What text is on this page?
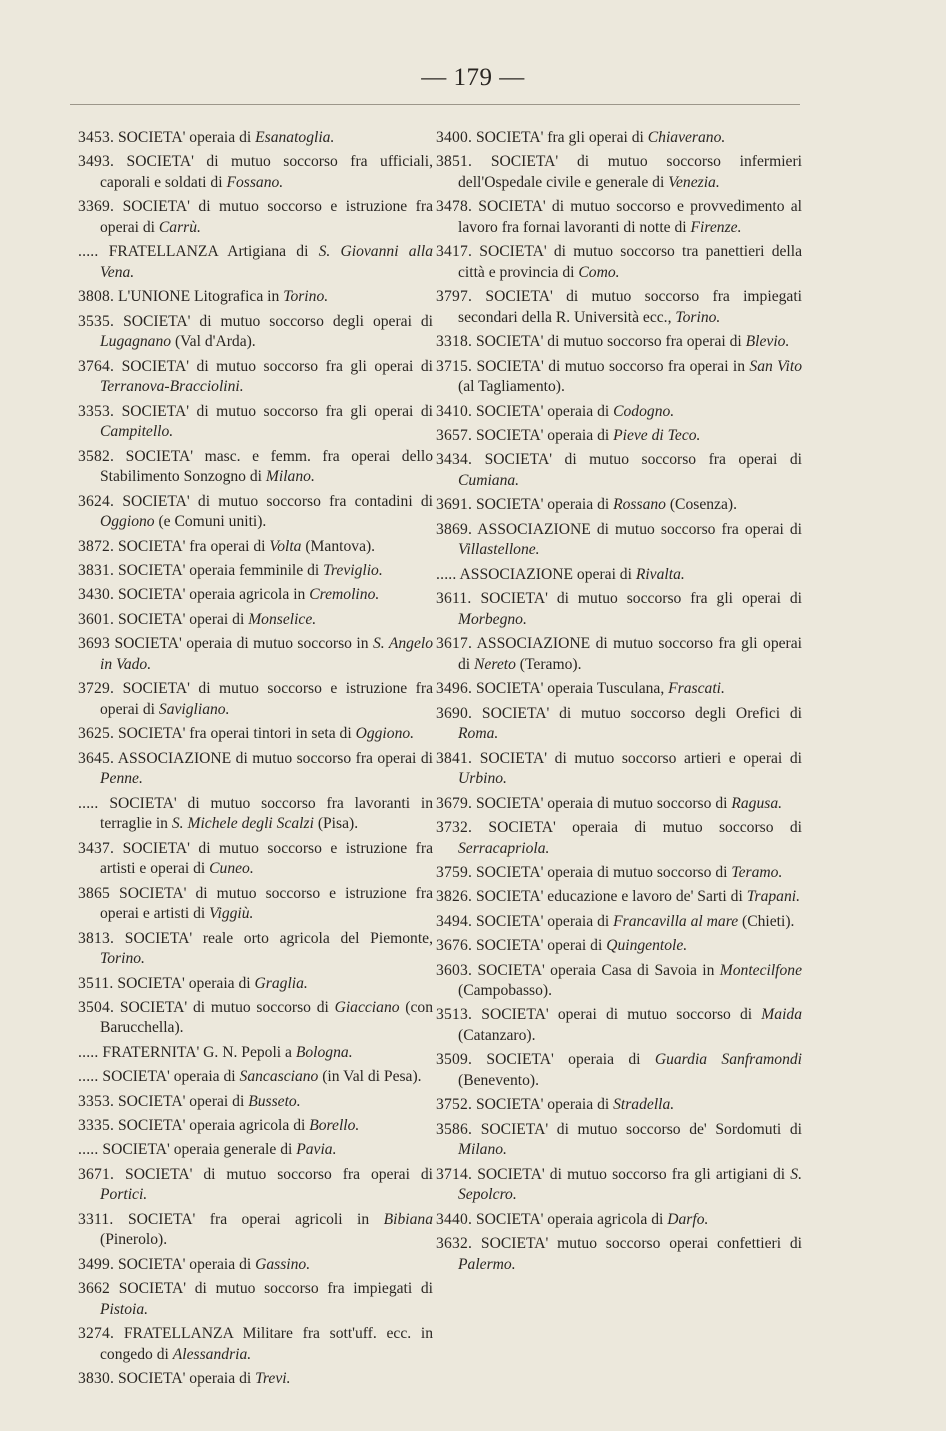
— 179 —

3453. SOCIETA' operaia di Esanatoglia.

3493. SOCIETA' di mutuo soccorso fra ufficiali, caporali e soldati di Fossano.

3369. SOCIETA' di mutuo soccorso e istruzione fra operai di Carrù.

..... FRATELLANZA Artigiana di S. Giovanni alla Vena.

3808. L'UNIONE Litografica in Torino.

3535. SOCIETA' di mutuo soccorso degli operai di Lugagnano (Val d'Arda).

3764. SOCIETA' di mutuo soccorso fra gli operai di Terranova-Bracciolini.

3353. SOCIETA' di mutuo soccorso fra gli operai di Campitello.

3582. SOCIETA' masc. e femm. fra operai dello Stabilimento Sonzogno di Milano.

3624. SOCIETA' di mutuo soccorso fra contadini di Oggiono (e Comuni uniti).

3872. SOCIETA' fra operai di Volta (Mantova).

3831. SOCIETA' operaia femminile di Treviglio.

3430. SOCIETA' operaia agricola in Cremolino.

3601. SOCIETA' operai di Monselice.

3693 SOCIETA' operaia di mutuo soccorso in S. Angelo in Vado.

3729. SOCIETA' di mutuo soccorso e istruzione fra operai di Savigliano.

3625. SOCIETA' fra operai tintori in seta di Oggiono.

3645. ASSOCIAZIONE di mutuo soccorso fra operai di Penne.

..... SOCIETA' di mutuo soccorso fra lavoranti in terraglie in S. Michele degli Scalzi (Pisa).

3437. SOCIETA' di mutuo soccorso e istruzione fra artisti e operai di Cuneo.

3865 SOCIETA' di mutuo soccorso e istruzione fra operai e artisti di Viggiù.

3813. SOCIETA' reale orto agricola del Piemonte, Torino.

3511. SOCIETA' operaia di Graglia.

3504. SOCIETA' di mutuo soccorso di Giacciano (con Barucchella).

..... FRATERNITA' G. N. Pepoli a Bologna.

..... SOCIETA' operaia di Sancasciano (in Val di Pesa).

3353. SOCIETA' operai di Busseto.

3335. SOCIETA' operaia agricola di Borello.

..... SOCIETA' operaia generale di Pavia.

3671. SOCIETA' di mutuo soccorso fra operai di Portici.

3311. SOCIETA' fra operai agricoli in Bibiana (Pinerolo).

3499. SOCIETA' operaia di Gassino.

3662 SOCIETA' di mutuo soccorso fra impiegati di Pistoia.

3274. FRATELLANZA Militare fra sott'uff. ecc. in congedo di Alessandria.

3830. SOCIETA' operaia di Trevi.

3400. SOCIETA' fra gli operai di Chiaverano.

3851. SOCIETA' di mutuo soccorso infermieri dell'Ospedale civile e generale di Venezia.

3478. SOCIETA' di mutuo soccorso e provvedimento al lavoro fra fornai lavoranti di notte di Firenze.

3417. SOCIETA' di mutuo soccorso tra panettieri della città e provincia di Como.

3797. SOCIETA' di mutuo soccorso fra impiegati secondari della R. Università ecc., Torino.

3318. SOCIETA' di mutuo soccorso fra operai di Blevio.

3715. SOCIETA' di mutuo soccorso fra operai in San Vito (al Tagliamento).

3410. SOCIETA' operaia di Codogno.

3657. SOCIETA' operaia di Pieve di Teco.

3434. SOCIETA' di mutuo soccorso fra operai di Cumiana.

3691. SOCIETA' operaia di Rossano (Cosenza).

3869. ASSOCIAZIONE di mutuo soccorso fra operai di Villastellone.

..... ASSOCIAZIONE operai di Rivalta.

3611. SOCIETA' di mutuo soccorso fra gli operai di Morbegno.

3617. ASSOCIAZIONE di mutuo soccorso fra gli operai di Nereto (Teramo).

3496. SOCIETA' operaia Tusculana, Frascati.

3690. SOCIETA' di mutuo soccorso degli Orefici di Roma.

3841. SOCIETA' di mutuo soccorso artieri e operai di Urbino.

3679. SOCIETA' operaia di mutuo soccorso di Ragusa.

3732. SOCIETA' operaia di mutuo soccorso di Serracapriola.

3759. SOCIETA' operaia di mutuo soccorso di Teramo.

3826. SOCIETA' educazione e lavoro de' Sarti di Trapani.

3494. SOCIETA' operaia di Francavilla al mare (Chieti).

3676. SOCIETA' operai di Quingentole.

3603. SOCIETA' operaia Casa di Savoia in Montecilfone (Campobasso).

3513. SOCIETA' operai di mutuo soccorso di Maida (Catanzaro).

3509. SOCIETA' operaia di Guardia Sanframondi (Benevento).

3752. SOCIETA' operaia di Stradella.

3586. SOCIETA' di mutuo soccorso de' Sordomuti di Milano.

3714. SOCIETA' di mutuo soccorso fra gli artigiani di S. Sepolcro.

3440. SOCIETA' operaia agricola di Darfo.

3632. SOCIETA' mutuo soccorso operai confettieri di Palermo.
